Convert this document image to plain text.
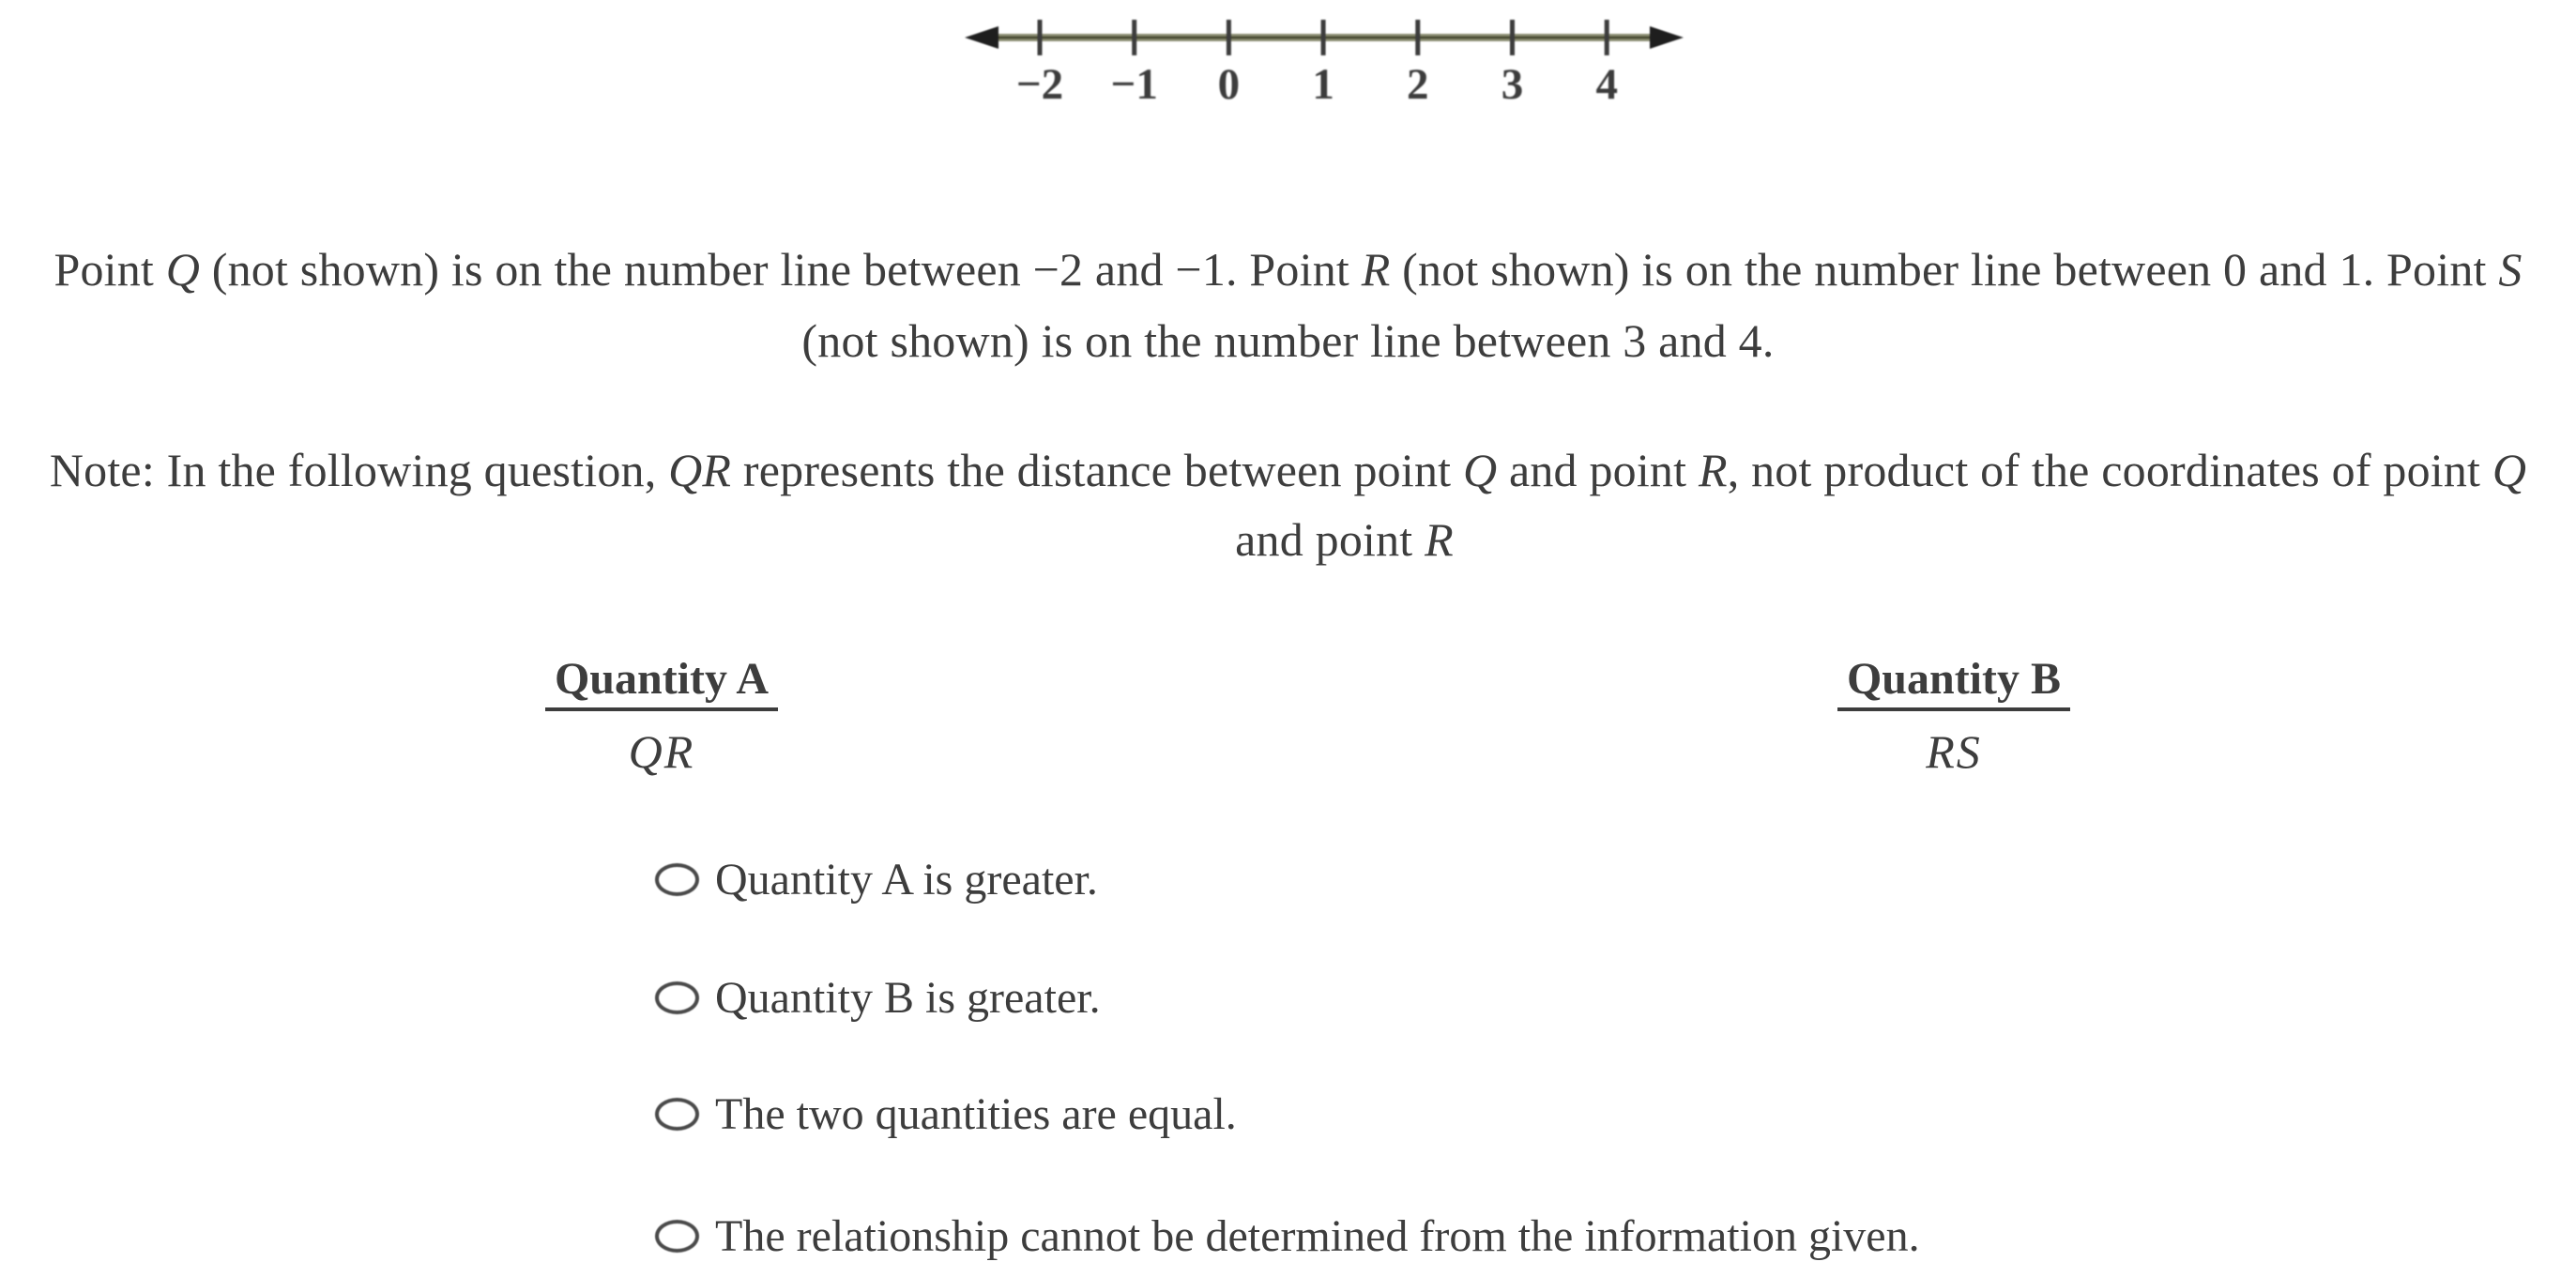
−2 −1 0 1 2 3 4
Point Q (not shown) is on the number line between −2 and −1. Point R (not shown) is on the number line between 0 and 1. Point S
(not shown) is on the number line between 3 and 4.
Note: In the following question, QR represents the distance between point Q and point R, not product of the coordinates of point Q
and point R
Quantity A
QR
Quantity B
RS
Quantity A is greater.
Quantity B is greater.
The two quantities are equal.
The relationship cannot be determined from the information given.
